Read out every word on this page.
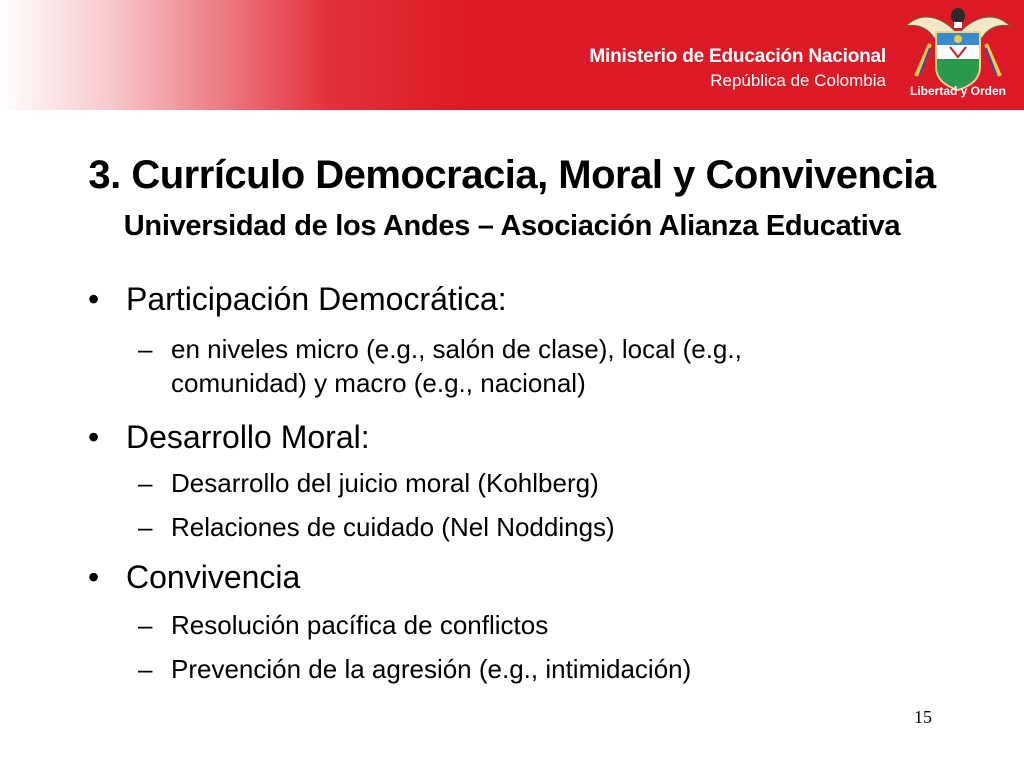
Ministerio de Educación Nacional
República de Colombia
Libertad y Orden
3. Currículo Democracia, Moral y Convivencia
Universidad de los Andes – Asociación Alianza Educativa
• Participación Democrática:
– en niveles micro (e.g., salón de clase), local (e.g.,
comunidad) y macro (e.g., nacional)
• Desarrollo Moral:
– Desarrollo del juicio moral (Kohlberg)
– Relaciones de cuidado (Nel Noddings)
• Convivencia
– Resolución pacífica de conflictos
– Prevención de la agresión (e.g., intimidación)
15
